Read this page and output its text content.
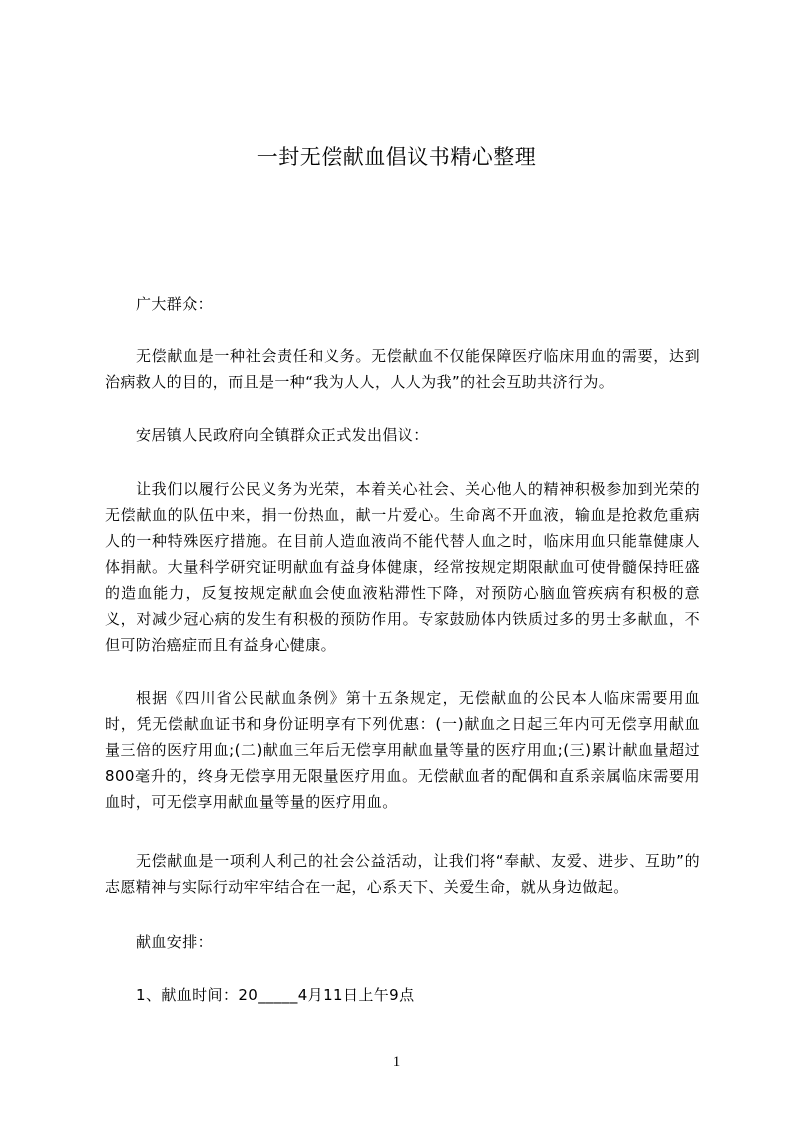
一封无偿献血倡议书精心整理

广大群众：

无偿献血是一种社会责任和义务。无偿献血不仅能保障医疗临床用血的需要，达到治病救人的目的，而且是一种“我为人人，人人为我”的社会互助共济行为。

安居镇人民政府向全镇群众正式发出倡议：

让我们以履行公民义务为光荣，本着关心社会、关心他人的精神积极参加到光荣的无偿献血的队伍中来，捐一份热血，献一片爱心。生命离不开血液，输血是抢救危重病人的一种特殊医疗措施。在目前人造血液尚不能代替人血之时，临床用血只能靠健康人体捐献。大量科学研究证明献血有益身体健康，经常按规定期限献血可使骨髓保持旺盛的造血能力，反复按规定献血会使血液粘滞性下降，对预防心脑血管疾病有积极的意义，对减少冠心病的发生有积极的预防作用。专家鼓励体内铁质过多的男士多献血，不但可防治癌症而且有益身心健康。

根据《四川省公民献血条例》第十五条规定，无偿献血的公民本人临床需要用血时，凭无偿献血证书和身份证明享有下列优惠：(一)献血之日起三年内可无偿享用献血量三倍的医疗用血;(二)献血三年后无偿享用献血量等量的医疗用血;(三)累计献血量超过800毫升的，终身无偿享用无限量医疗用血。无偿献血者的配偶和直系亲属临床需要用血时，可无偿享用献血量等量的医疗用血。

无偿献血是一项利人利己的社会公益活动，让我们将“奉献、友爱、进步、互助”的志愿精神与实际行动牢牢结合在一起，心系天下、关爱生命，就从身边做起。

献血安排：

1、献血时间：20_____4月11日上午9点

1
